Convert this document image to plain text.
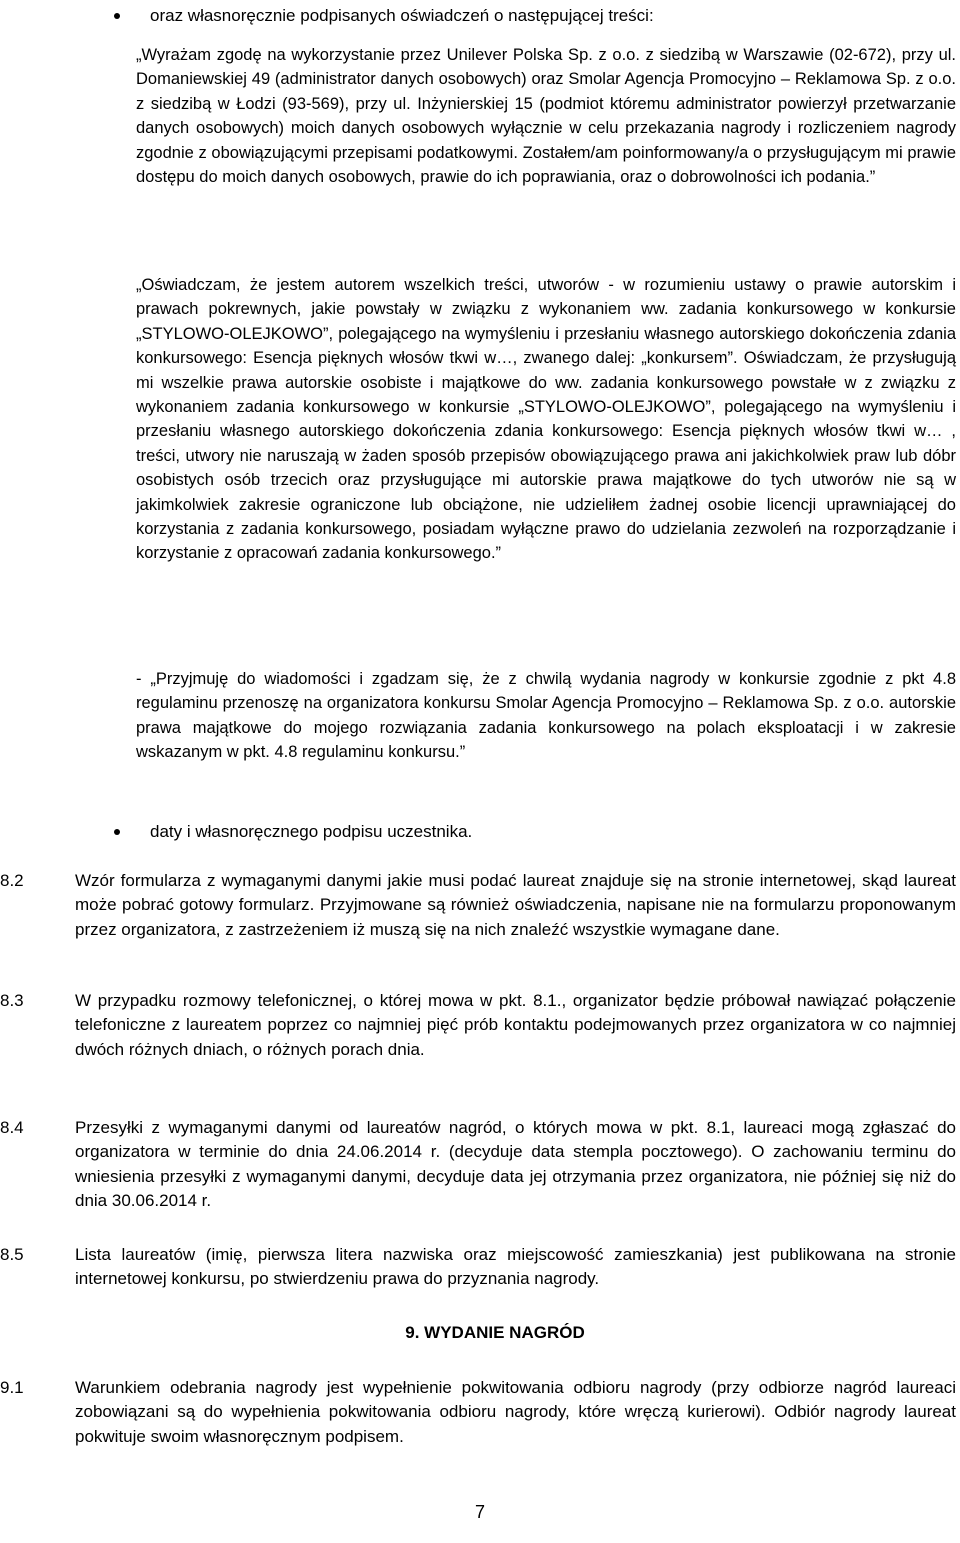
oraz własnoręcznie podpisanych oświadczeń o następującej treści:

„Wyrażam zgodę na wykorzystanie przez Unilever Polska Sp. z o.o. z siedzibą w Warszawie (02-672), przy ul. Domaniewskiej 49 (administrator danych osobowych) oraz Smolar Agencja Promocyjno – Reklamowa Sp. z o.o. z siedzibą w Łodzi (93-569), przy ul. Inżynierskiej 15 (podmiot któremu administrator powierzył przetwarzanie danych osobowych) moich danych osobowych wyłącznie w celu przekazania nagrody i rozliczeniem nagrody zgodnie z obowiązującymi przepisami podatkowymi. Zostałem/am poinformowany/a o przysługującym mi prawie dostępu do moich danych osobowych, prawie do ich poprawiania, oraz o dobrowolności ich podania.”

„Oświadczam, że jestem autorem wszelkich treści, utworów - w rozumieniu ustawy o prawie autorskim i prawach pokrewnych, jakie powstały w związku z wykonaniem ww. zadania konkursowego w konkursie „STYLOWO-OLEJKOWO”, polegającego na wymyśleniu i przesłaniu własnego autorskiego dokończenia zdania konkursowego: Esencja pięknych włosów tkwi w…, zwanego dalej: „konkursem”. Oświadczam, że przysługują mi wszelkie prawa autorskie osobiste i majątkowe do ww. zadania konkursowego powstałe w z związku z wykonaniem zadania konkursowego w konkursie „STYLOWO-OLEJKOWO”, polegającego na wymyśleniu i przesłaniu własnego autorskiego dokończenia zdania konkursowego: Esencja pięknych włosów tkwi w… , treści, utwory nie naruszają w żaden sposób przepisów obowiązującego prawa ani jakichkolwiek praw lub dóbr osobistych osób trzecich oraz przysługujące mi autorskie prawa majątkowe do tych utworów nie są w jakimkolwiek zakresie ograniczone lub obciążone, nie udzieliłem żadnej osobie licencji uprawniającej do korzystania z zadania konkursowego, posiadam wyłączne prawo do udzielania zezwoleń na rozporządzanie i korzystanie z opracowań zadania konkursowego.”

- „Przyjmuję do wiadomości i zgadzam się, że z chwilą wydania nagrody w konkursie zgodnie z pkt 4.8 regulaminu przenoszę na organizatora konkursu Smolar Agencja Promocyjno – Reklamowa Sp. z o.o. autorskie prawa majątkowe do mojego rozwiązania zadania konkursowego na polach eksploatacji i w zakresie wskazanym w pkt. 4.8 regulaminu konkursu.”

daty i własnoręcznego podpisu uczestnika.
8.2	Wzór formularza z wymaganymi danymi jakie musi podać laureat znajduje się na stronie internetowej, skąd laureat może pobrać gotowy formularz. Przyjmowane są również oświadczenia, napisane nie na formularzu proponowanym przez organizatora, z zastrzeżeniem iż muszą się na nich znaleźć wszystkie wymagane dane.

8.3	W przypadku rozmowy telefonicznej, o której mowa w pkt. 8.1., organizator będzie próbował nawiązać połączenie telefoniczne z laureatem poprzez co najmniej pięć prób kontaktu podejmowanych przez organizatora w co najmniej dwóch różnych dniach, o różnych porach dnia.

8.4	Przesyłki z wymaganymi danymi od laureatów nagród, o których mowa w pkt. 8.1, laureaci mogą zgłaszać do organizatora w terminie do dnia 24.06.2014 r. (decyduje data stempla pocztowego). O zachowaniu terminu do wniesienia przesyłki z wymaganymi danymi, decyduje data jej otrzymania przez organizatora, nie później się niż do dnia 30.06.2014 r.

8.5	Lista laureatów (imię, pierwsza litera nazwiska oraz miejscowość zamieszkania) jest publikowana na stronie internetowej konkursu, po stwierdzeniu prawa do przyznania nagrody.

9. WYDANIE NAGRÓD
9.1	Warunkiem odebrania nagrody jest wypełnienie pokwitowania odbioru nagrody (przy odbiorze nagród laureaci zobowiązani są do wypełnienia pokwitowania odbioru nagrody, które wręczą kurierowi). Odbiór nagrody laureat pokwituje swoim własnoręcznym podpisem.

7
